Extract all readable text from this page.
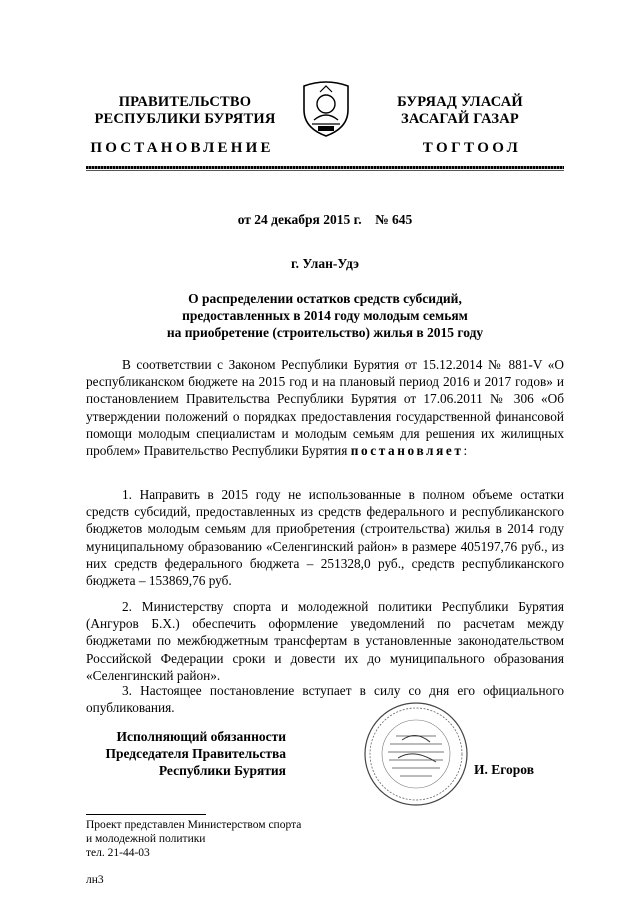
ПРАВИТЕЛЬСТВО
РЕСПУБЛИКИ БУРЯТИЯ
ПОСТАНОВЛЕНИЕ
БУРЯАД УЛАСАЙ
ЗАСАГАЙ ГАЗАР
ТОГТООЛ
от 24 декабря 2015 г.    № 645
г. Улан-Удэ
О распределении остатков средств субсидий,
предоставленных в 2014 году молодым семьям
на приобретение (строительство) жилья в 2015 году

В соответствии с Законом Республики Бурятия от 15.12.2014 № 881-V «О республиканском бюджете на 2015 год и на плановый период 2016 и 2017 годов» и постановлением Правительства Республики Бурятия от 17.06.2011 № 306 «Об утверждении положений о порядках предоставления государственной финансовой помощи молодым специалистам и молодым семьям для решения их жилищных проблем» Правительство Республики Бурятия постановляет:

1. Направить в 2015 году не использованные в полном объеме остатки средств субсидий, предоставленных из средств федерального и республиканского бюджетов молодым семьям для приобретения (строительства) жилья в 2014 году муниципальному образованию «Селенгинский район» в размере 405197,76 руб., из них средств федерального бюджета – 251328,0 руб., средств республиканского бюджета – 153869,76 руб.

2. Министерству спорта и молодежной политики Республики Бурятия (Ангуров Б.Х.) обеспечить оформление уведомлений по расчетам между бюджетами по межбюджетным трансфертам в установленные законодательством Российской Федерации сроки и довести их до муниципального образования «Селенгинский район».

3. Настоящее постановление вступает в силу со дня его официального опубликования.

Исполняющий обязанности
Председателя Правительства
Республики Бурятия	И. Егоров
Проект представлен Министерством спорта
и молодежной политики
тел. 21-44-03
лн3
